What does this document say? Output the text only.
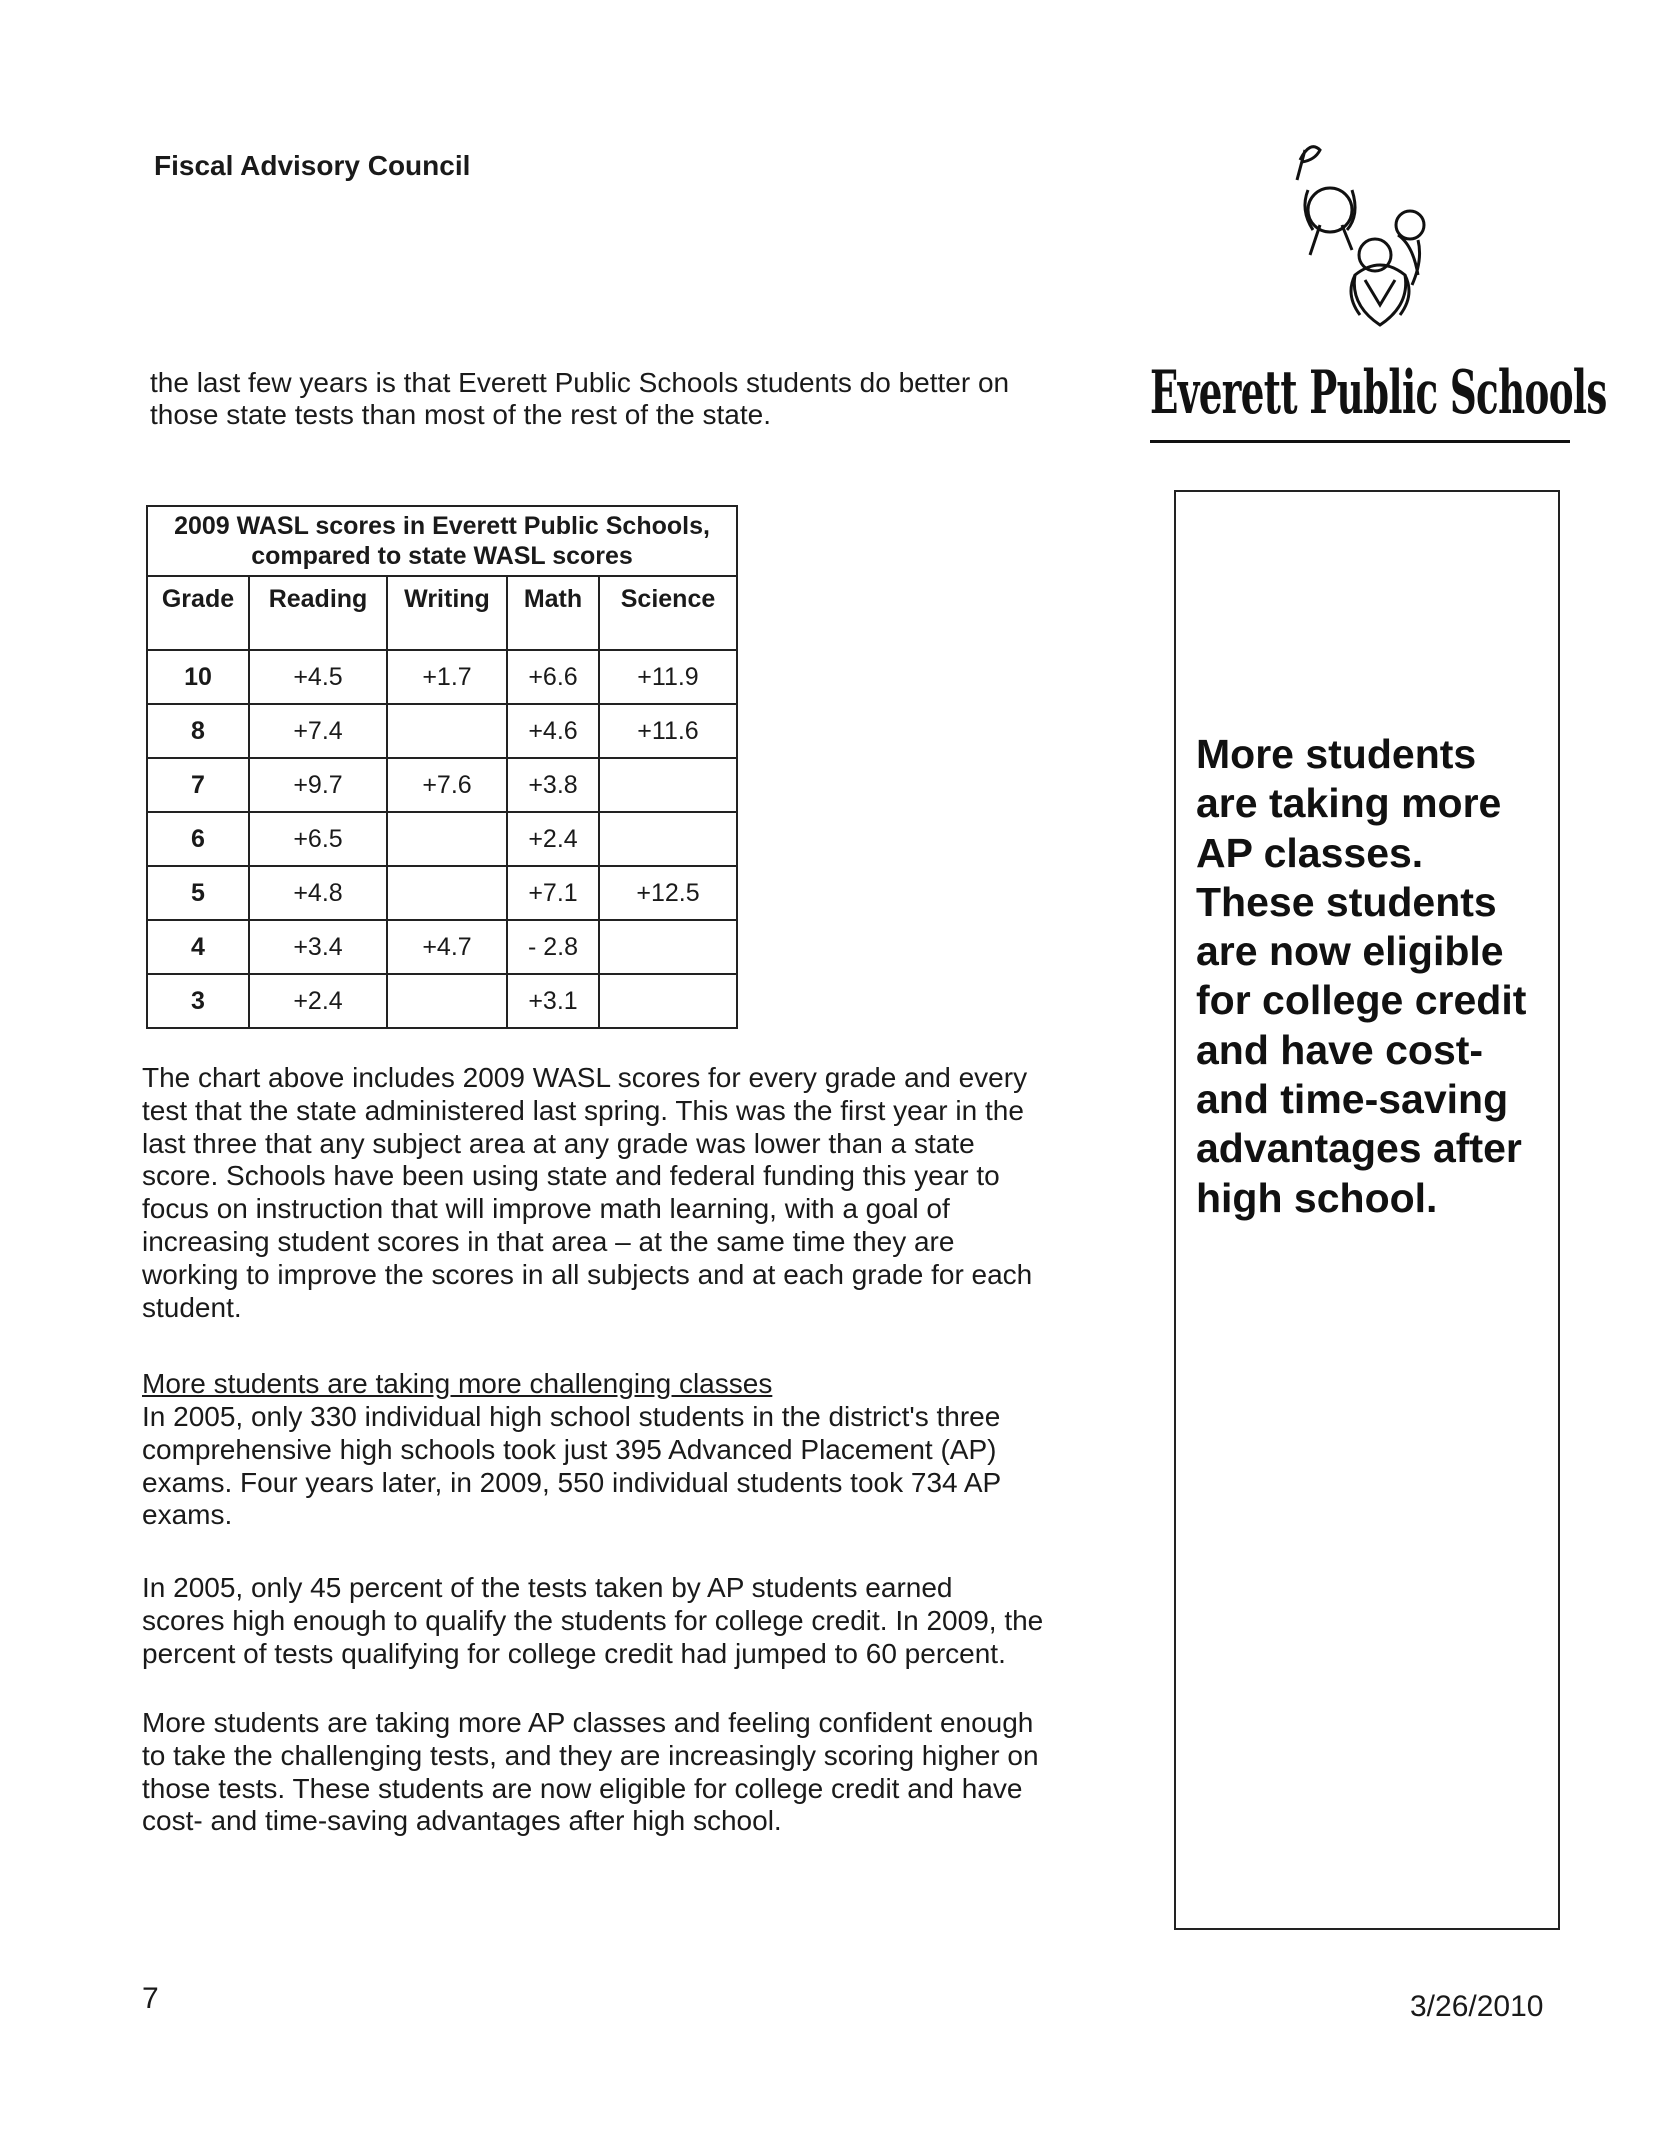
Fiscal Advisory Council

the last few years is that Everett Public Schools students do better on

those state tests than most of the rest of the state.

2009 WASL scores in Everett Public Schools,
compared to state WASL scores				

Grade	Reading	Writing	Math	Science
10	+4.5	+1.7	+6.6	+11.9
8	+7.4		+4.6	+11.6
7	+9.7	+7.6	+3.8	
6	+6.5		+2.4	
5	+4.8		+7.1	+12.5
4	+3.4	+4.7	- 2.8	
3	+2.4		+3.1	

The chart above includes 2009 WASL scores for every grade and every

test that the state administered last spring. This was the first year in the

last three that any subject area at any grade was lower than a state

score. Schools have been using state and federal funding this year to

focus on instruction that will improve math learning, with a goal of

increasing student scores in that area – at the same time they are

working to improve the scores in all subjects and at each grade for each

student.

More students are taking more challenging classes

In 2005, only 330 individual high school students in the district's three

comprehensive high schools took just 395 Advanced Placement (AP)

exams. Four years later, in 2009, 550 individual students took 734 AP

exams.

In 2005, only 45 percent of the tests taken by AP students earned

scores high enough to qualify the students for college credit. In 2009, the

percent of tests qualifying for college credit had jumped to 60 percent.

More students are taking more AP classes and feeling confident enough

to take the challenging tests, and they are increasingly scoring higher on

those tests. These students are now eligible for college credit and have

cost- and time-saving advantages after high school.

Everett Public Schools
More students
are taking more
AP classes.
These students
are now eligible
for college credit
and have cost-
and time-saving
advantages after
high school.
7	3/26/2010
